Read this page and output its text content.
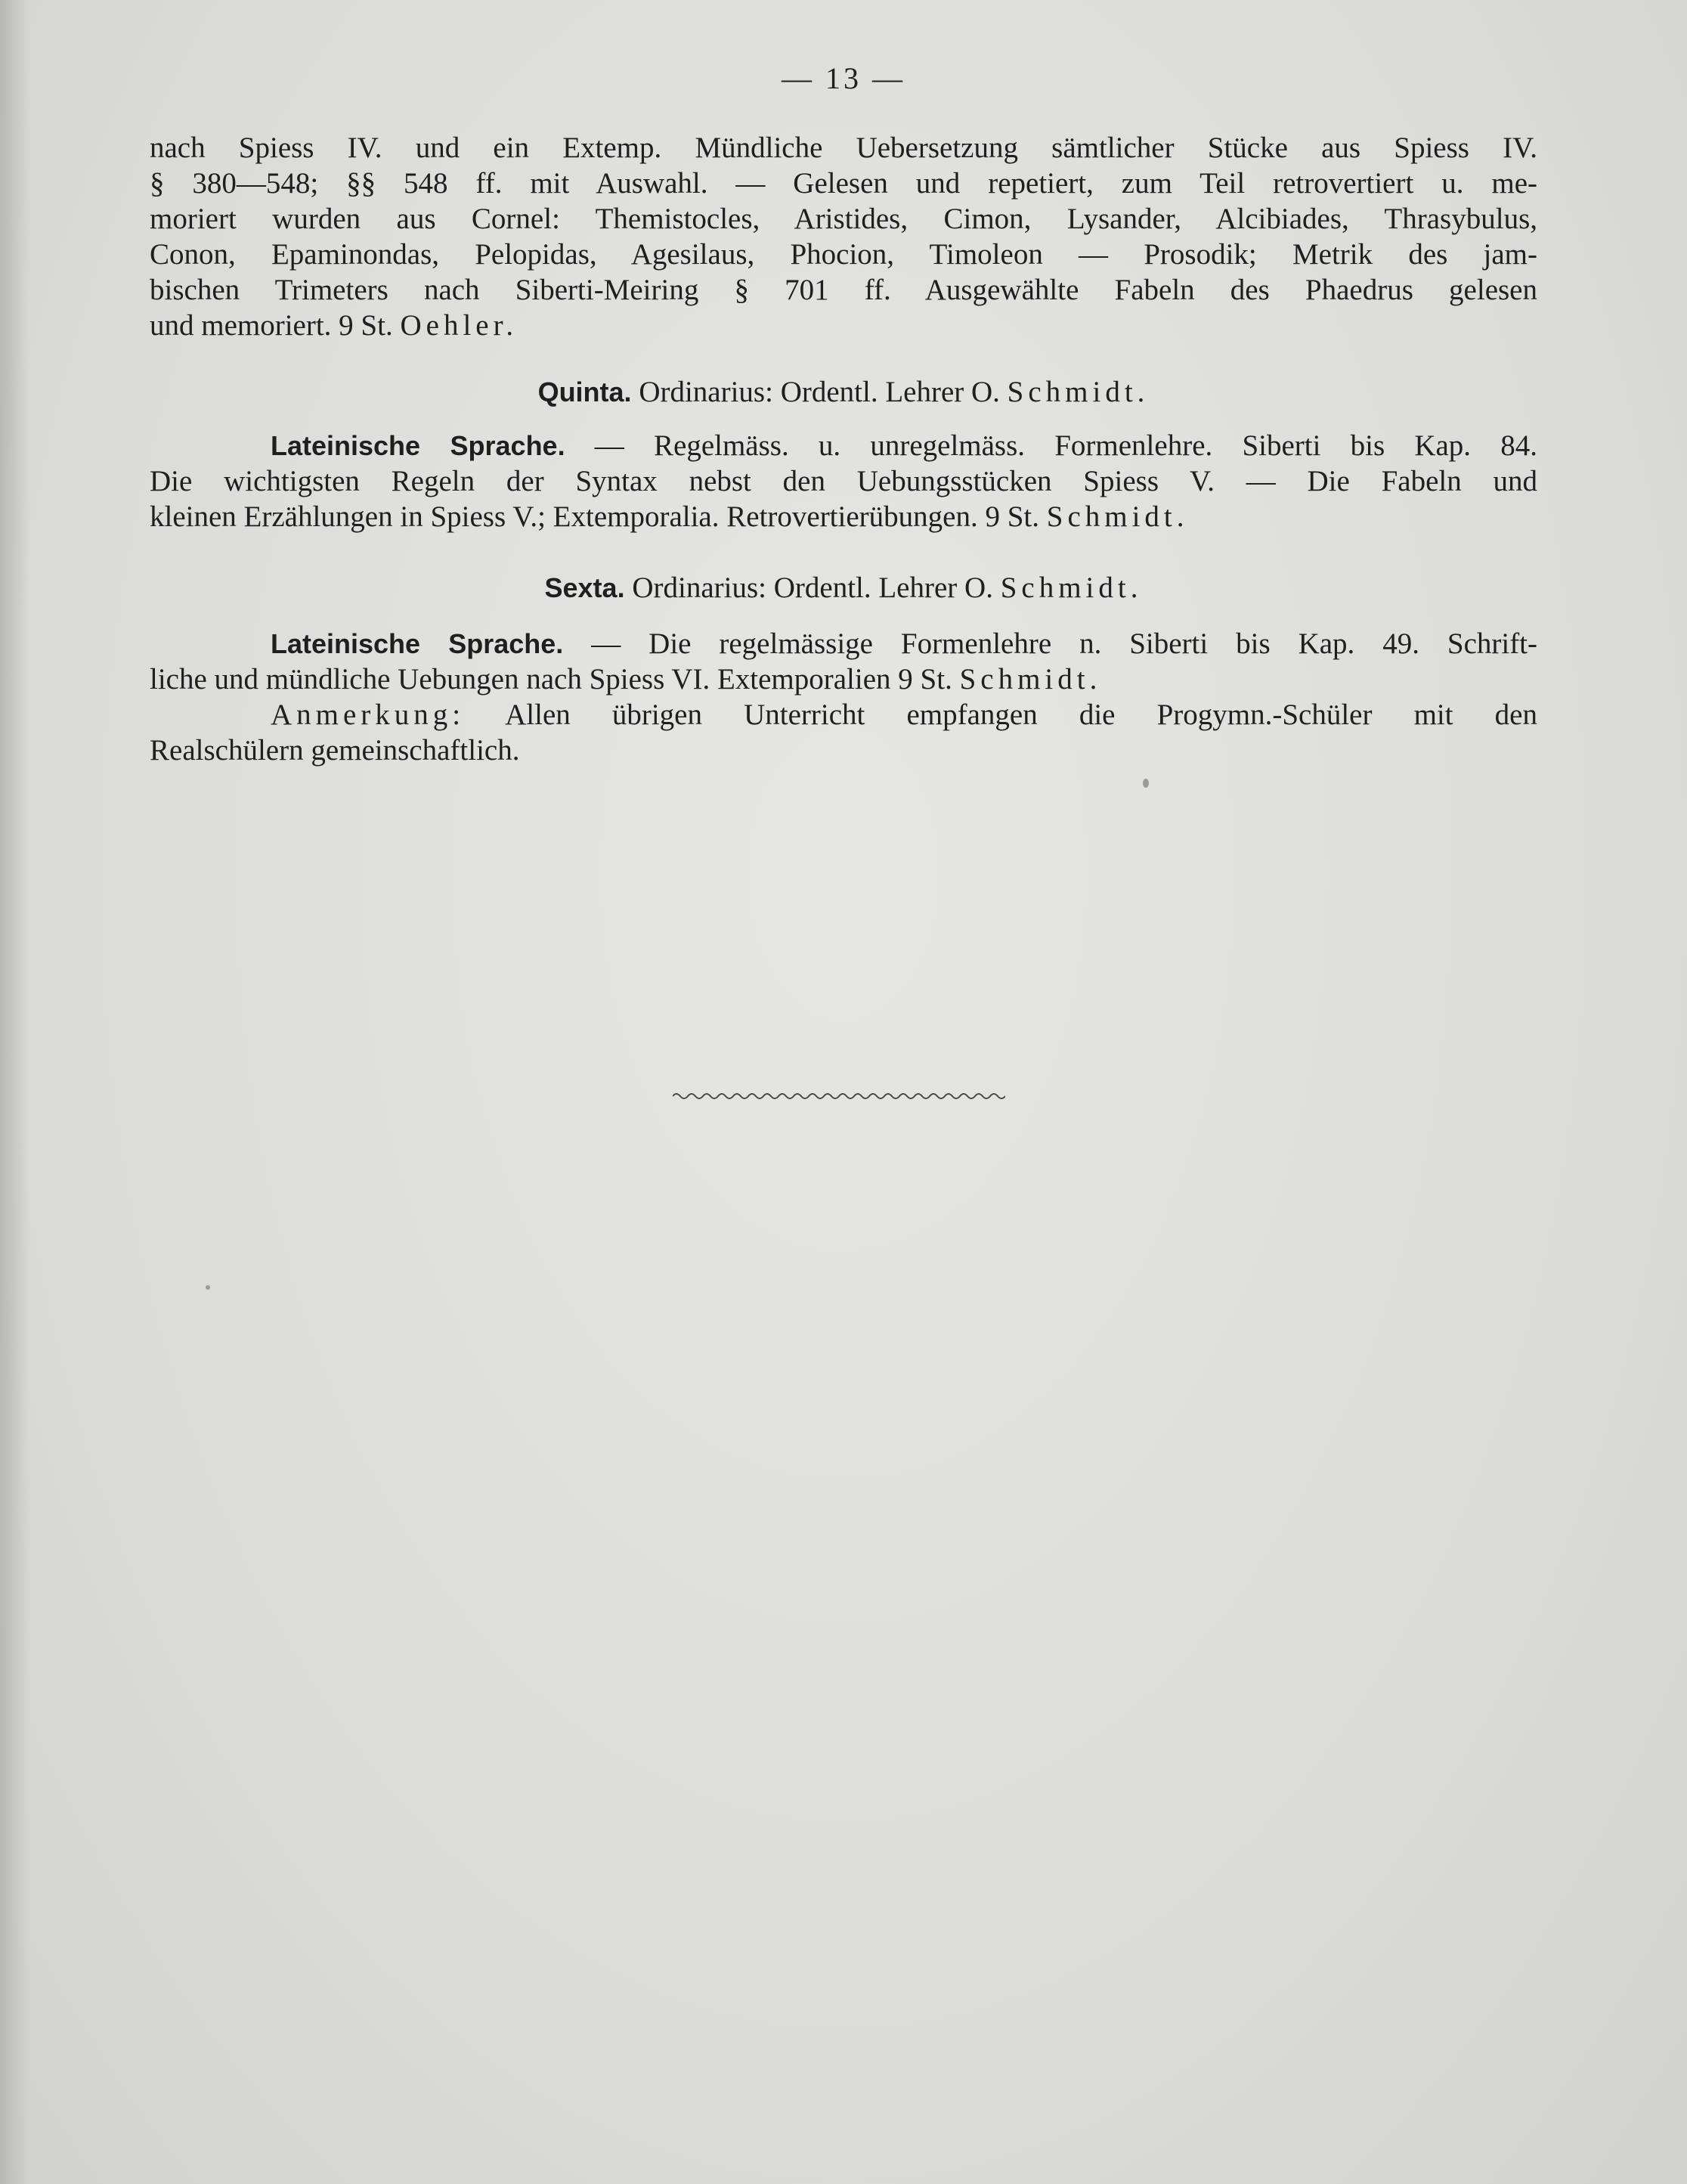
— 13 —
nach Spiess IV. und ein Extemp. Mündliche Uebersetzung sämtlicher Stücke aus Spiess IV.
§ 380—548; §§ 548 ff. mit Auswahl. — Gelesen und repetiert, zum Teil retrovertiert u. me-
moriert wurden aus Cornel: Themistocles, Aristides, Cimon, Lysander, Alcibiades, Thrasybulus,
Conon, Epaminondas, Pelopidas, Agesilaus, Phocion, Timoleon — Prosodik; Metrik des jam-
bischen Trimeters nach Siberti-Meiring § 701 ff. Ausgewählte Fabeln des Phaedrus gelesen
und memoriert. 9 St. Oehler.
Quinta. Ordinarius: Ordentl. Lehrer O. Schmidt.
Lateinische Sprache. — Regelmäss. u. unregelmäss. Formenlehre. Siberti bis Kap. 84.
Die wichtigsten Regeln der Syntax nebst den Uebungsstücken Spiess V. — Die Fabeln und
kleinen Erzählungen in Spiess V.; Extemporalia. Retrovertierübungen. 9 St. Schmidt.
Sexta. Ordinarius: Ordentl. Lehrer O. Schmidt.
Lateinische Sprache. — Die regelmässige Formenlehre n. Siberti bis Kap. 49. Schrift-
liche und mündliche Uebungen nach Spiess VI. Extemporalien 9 St. Schmidt.
Anmerkung: Allen übrigen Unterricht empfangen die Progymn.-Schüler mit den
Realschülern gemeinschaftlich.
